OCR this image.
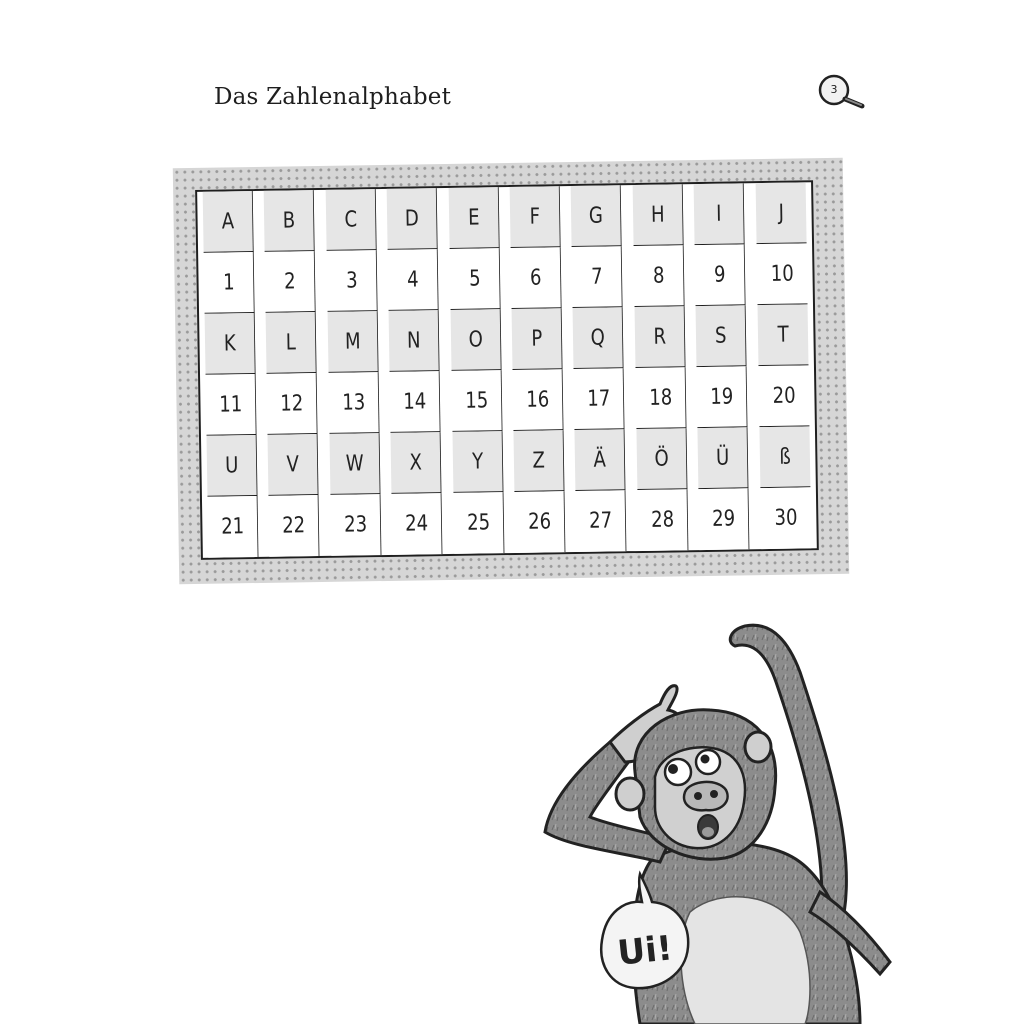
Das Zahlenalphabet	3
A	B	C	D	E	F	G	H	I	J
1	2	3	4	5	6	7	8	9	10
K	L	M	N	O	P	Q	R	S	T
11	12	13	14	15	16	17	18	19	20
U	V	W	X	Y	Z	Ä	Ö	Ü	ß
21	22	23	24	25	26	27	28	29	30
Ui!
